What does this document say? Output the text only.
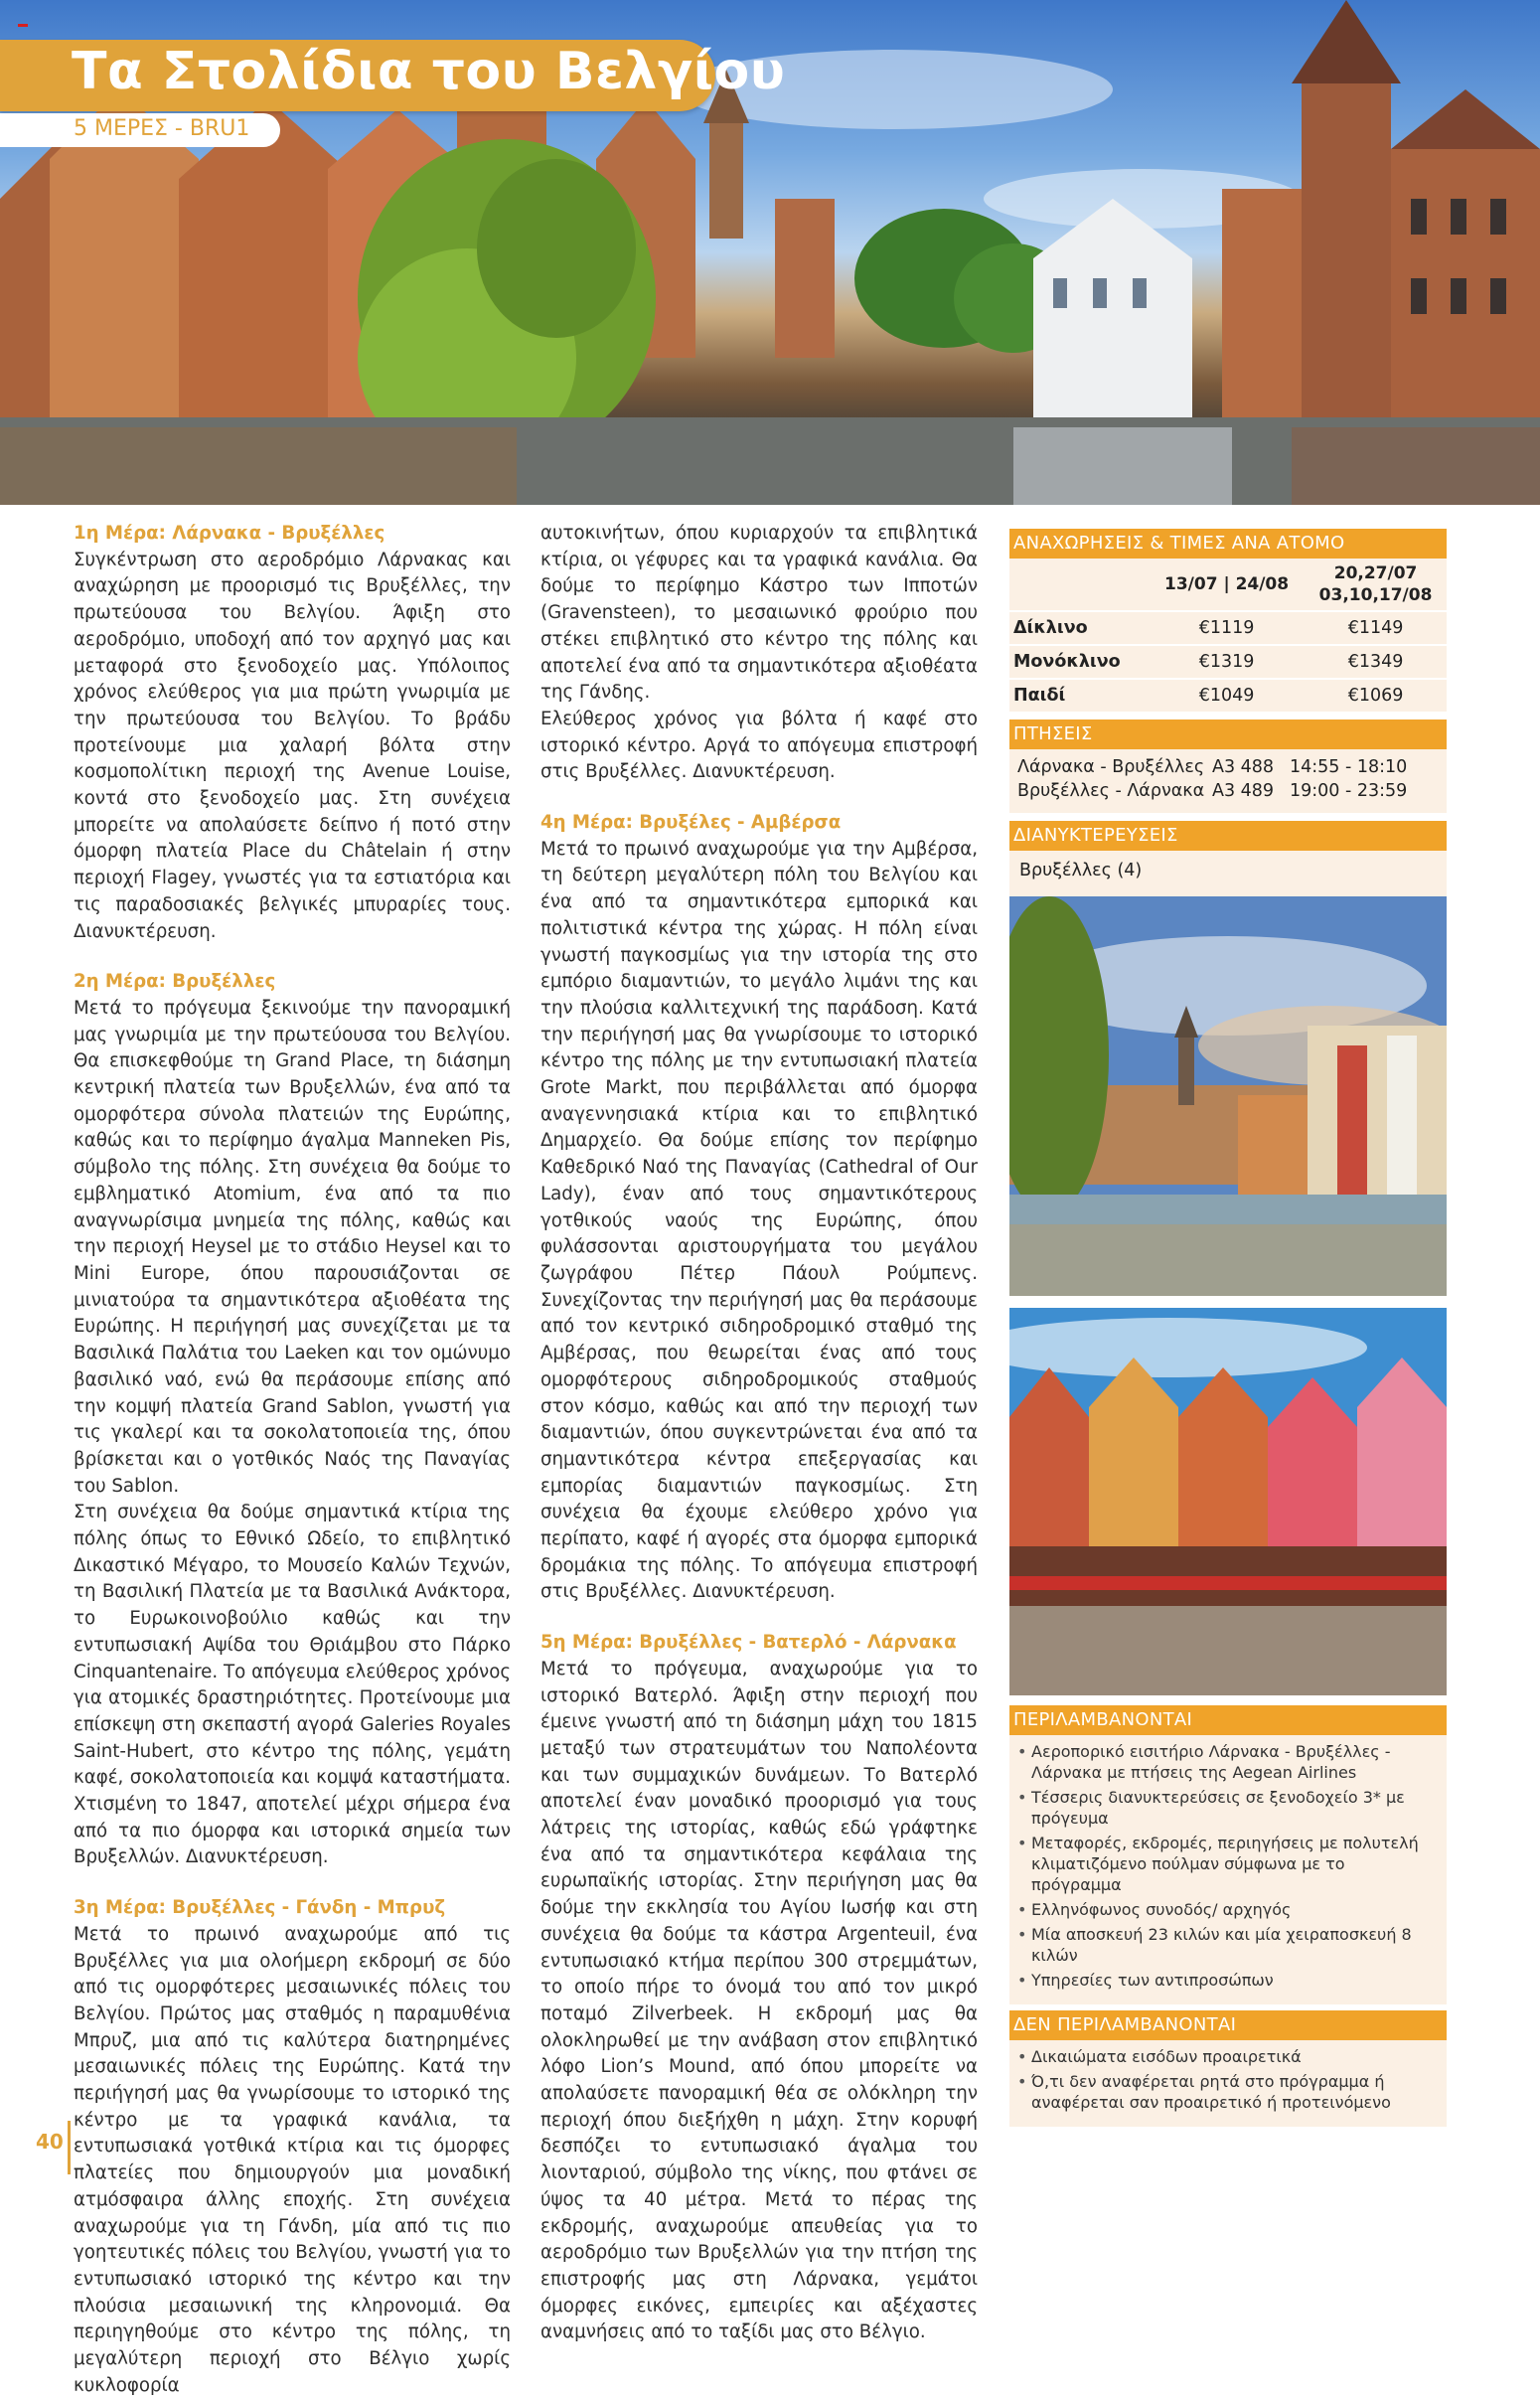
Τα Στολίδια του Βελγίου
5 ΜΕΡΕΣ - BRU1

1η Μέρα: Λάρνακα - Βρυξέλλες

Συγκέντρωση στο αεροδρόμιο Λάρνακας και αναχώρηση με προορισμό τις Βρυξέλλες, την πρωτεύουσα του Βελγίου. Άφιξη στο αεροδρόμιο, υποδοχή από τον αρχηγό μας και μεταφορά στο ξενοδοχείο μας. Υπόλοιπος χρόνος ελεύθερος για μια πρώτη γνωριμία με την πρωτεύουσα του Βελγίου. Το βράδυ προτείνουμε μια χαλαρή βόλτα στην κοσμοπολίτικη περιοχή της Avenue Louise, κοντά στο ξενοδοχείο μας. Στη συνέχεια μπορείτε να απολαύσετε δείπνο ή ποτό στην όμορφη πλατεία Place du Châtelain ή στην περιοχή Flagey, γνωστές για τα εστιατόρια και τις παραδοσιακές βελγικές μπυραρίες τους. Διανυκτέρευση.

2η Μέρα: Βρυξέλλες

Μετά το πρόγευμα ξεκινούμε την πανοραμική μας γνωριμία με την πρωτεύουσα του Βελγίου. Θα επισκεφθούμε τη Grand Place, τη διάσημη κεντρική πλατεία των Βρυξελλών, ένα από τα ομορφότερα σύνολα πλατειών της Ευρώπης, καθώς και το περίφημο άγαλμα Manneken Pis, σύμβολο της πόλης. Στη συνέχεια θα δούμε το εμβληματικό Atomium, ένα από τα πιο αναγνωρίσιμα μνημεία της πόλης, καθώς και την περιοχή Heysel με το στάδιο Heysel και το Mini Europe, όπου παρουσιάζονται σε μινιατούρα τα σημαντικότερα αξιοθέατα της Ευρώπης. Η περιήγησή μας συνεχίζεται με τα Βασιλικά Παλάτια του Laeken και τον ομώνυμο βασιλικό ναό, ενώ θα περάσουμε επίσης από την κομψή πλατεία Grand Sablon, γνωστή για τις γκαλερί και τα σοκολατοποιεία της, όπου βρίσκεται και ο γοτθικός Ναός της Παναγίας του Sablon.

Στη συνέχεια θα δούμε σημαντικά κτίρια της πόλης όπως το Εθνικό Ωδείο, το επιβλητικό Δικαστικό Μέγαρο, το Μουσείο Καλών Τεχνών, τη Βασιλική Πλατεία με τα Βασιλικά Ανάκτορα, το Ευρωκοινοβούλιο καθώς και την εντυπωσιακή Αψίδα του Θριάμβου στο Πάρκο Cinquantenaire. Το απόγευμα ελεύθερος χρόνος για ατομικές δραστηριότητες. Προτείνουμε μια επίσκεψη στη σκεπαστή αγορά Galeries Royales Saint-Hubert, στο κέντρο της πόλης, γεμάτη καφέ, σοκολατοποιεία και κομψά καταστήματα. Χτισμένη το 1847, αποτελεί μέχρι σήμερα ένα από τα πιο όμορφα και ιστορικά σημεία των Βρυξελλών. Διανυκτέρευση.

3η Μέρα: Βρυξέλλες - Γάνδη - Μπρυζ

Μετά το πρωινό αναχωρούμε από τις Βρυξέλλες για μια ολοήμερη εκδρομή σε δύο από τις ομορφότερες μεσαιωνικές πόλεις του Βελγίου. Πρώτος μας σταθμός η παραμυθένια Μπρυζ, μια από τις καλύτερα διατηρημένες μεσαιωνικές πόλεις της Ευρώπης. Κατά την περιήγησή μας θα γνωρίσουμε το ιστορικό της κέντρο με τα γραφικά κανάλια, τα εντυπωσιακά γοτθικά κτίρια και τις όμορφες πλατείες που δημιουργούν μια μοναδική ατμόσφαιρα άλλης εποχής. Στη συνέχεια αναχωρούμε για τη Γάνδη, μία από τις πιο γοητευτικές πόλεις του Βελγίου, γνωστή για το εντυπωσιακό ιστορικό της κέντρο και την πλούσια μεσαιωνική της κληρονομιά. Θα περιηγηθούμε στο κέντρο της πόλης, τη μεγαλύτερη περιοχή στο Βέλγιο χωρίς κυκλοφορία

αυτοκινήτων, όπου κυριαρχούν τα επιβλητικά κτίρια, οι γέφυρες και τα γραφικά κανάλια. Θα δούμε το περίφημο Κάστρο των Ιπποτών (Gravensteen), το μεσαιωνικό φρούριο που στέκει επιβλητικό στο κέντρο της πόλης και αποτελεί ένα από τα σημαντικότερα αξιοθέατα της Γάνδης.

Ελεύθερος χρόνος για βόλτα ή καφέ στο ιστορικό κέντρο. Αργά το απόγευμα επιστροφή στις Βρυξέλλες. Διανυκτέρευση.

4η Μέρα: Βρυξέλες - Αμβέρσα

Μετά το πρωινό αναχωρούμε για την Αμβέρσα, τη δεύτερη μεγαλύτερη πόλη του Βελγίου και ένα από τα σημαντικότερα εμπορικά και πολιτιστικά κέντρα της χώρας. Η πόλη είναι γνωστή παγκοσμίως για την ιστορία της στο εμπόριο διαμαντιών, το μεγάλο λιμάνι της και την πλούσια καλλιτεχνική της παράδοση. Κατά την περιήγησή μας θα γνωρίσουμε το ιστορικό κέντρο της πόλης με την εντυπωσιακή πλατεία Grote Markt, που περιβάλλεται από όμορφα αναγεννησιακά κτίρια και το επιβλητικό Δημαρχείο. Θα δούμε επίσης τον περίφημο Καθεδρικό Ναό της Παναγίας (Cathedral of Our Lady), έναν από τους σημαντικότερους γοτθικούς ναούς της Ευρώπης, όπου φυλάσσονται αριστουργήματα του μεγάλου ζωγράφου Πέτερ Πάουλ Ρούμπενς. Συνεχίζοντας την περιήγησή μας θα περάσουμε από τον κεντρικό σιδηροδρομικό σταθμό της Αμβέρσας, που θεωρείται ένας από τους ομορφότερους σιδηροδρομικούς σταθμούς στον κόσμο, καθώς και από την περιοχή των διαμαντιών, όπου συγκεντρώνεται ένα από τα σημαντικότερα κέντρα επεξεργασίας και εμπορίας διαμαντιών παγκοσμίως. Στη συνέχεια θα έχουμε ελεύθερο χρόνο για περίπατο, καφέ ή αγορές στα όμορφα εμπορικά δρομάκια της πόλης. Το απόγευμα επιστροφή στις Βρυξέλλες. Διανυκτέρευση.

5η Μέρα: Βρυξέλλες - Βατερλό - Λάρνακα

Μετά το πρόγευμα, αναχωρούμε για το ιστορικό Βατερλό. Άφιξη στην περιοχή που έμεινε γνωστή από τη διάσημη μάχη του 1815 μεταξύ των στρατευμάτων του Ναπολέοντα και των συμμαχικών δυνάμεων. Το Βατερλό αποτελεί έναν μοναδικό προορισμό για τους λάτρεις της ιστορίας, καθώς εδώ γράφτηκε ένα από τα σημαντικότερα κεφάλαια της ευρωπαϊκής ιστορίας. Στην περιήγηση μας θα δούμε την εκκλησία του Αγίου Ιωσήφ και στη συνέχεια θα δούμε τα κάστρα Argenteuil, ένα εντυπωσιακό κτήμα περίπου 300 στρεμμάτων, το οποίο πήρε το όνομά του από τον μικρό ποταμό Zilverbeek. Η εκδρομή μας θα ολοκληρωθεί με την ανάβαση στον επιβλητικό λόφο Lion’s Mound, από όπου μπορείτε να απολαύσετε πανοραμική θέα σε ολόκληρη την περιοχή όπου διεξήχθη η μάχη. Στην κορυφή δεσπόζει το εντυπωσιακό άγαλμα του λιονταριού, σύμβολο της νίκης, που φτάνει σε ύψος τα 40 μέτρα. Μετά το πέρας της εκδρομής, αναχωρούμε απευθείας για το αεροδρόμιο των Βρυξελλών για την πτήση της επιστροφής μας στη Λάρνακα, γεμάτοι όμορφες εικόνες, εμπειρίες και αξέχαστες αναμνήσεις από το ταξίδι μας στο Βέλγιο.

ΑΝΑΧΩΡΗΣΕΙΣ & ΤΙΜΕΣ ΑΝΑ ΑΤΟΜΟ
	13/07 | 24/08	20,27/07
03,10,17/08
Δίκλινο	€1119	€1149
Μονόκλινο	€1319	€1349
Παιδί	€1049	€1069
ΠΤΗΣΕΙΣ
Λάρνακα - Βρυξέλλες A3 488 14:55 - 18:10
Βρυξέλλες - Λάρνακα A3 489 19:00 - 23:59
ΔΙΑΝΥΚΤΕΡΕΥΣΕΙΣ
Βρυξέλλες (4)
ΠΕΡΙΛΑΜΒΑΝΟΝΤΑΙ
• Αεροπορικό εισιτήριο Λάρνακα - Βρυξέλλες - Λάρνακα με πτήσεις της Aegean Airlines
• Τέσσερις διανυκτερεύσεις σε ξενοδοχείο 3* με πρόγευμα
• Μεταφορές, εκδρομές, περιηγήσεις με πολυτελή κλιματιζόμενο πούλμαν σύμφωνα με το πρόγραμμα
• Ελληνόφωνος συνοδός/ αρχηγός
• Μία αποσκευή 23 κιλών και μία χειραποσκευή 8 κιλών
• Υπηρεσίες των αντιπροσώπων
ΔΕΝ ΠΕΡΙΛΑΜΒΑΝΟΝΤΑΙ
• Δικαιώματα εισόδων προαιρετικά
• Ό,τι δεν αναφέρεται ρητά στο πρόγραμμα ή αναφέρεται σαν προαιρετικό ή προτεινόμενο
40
